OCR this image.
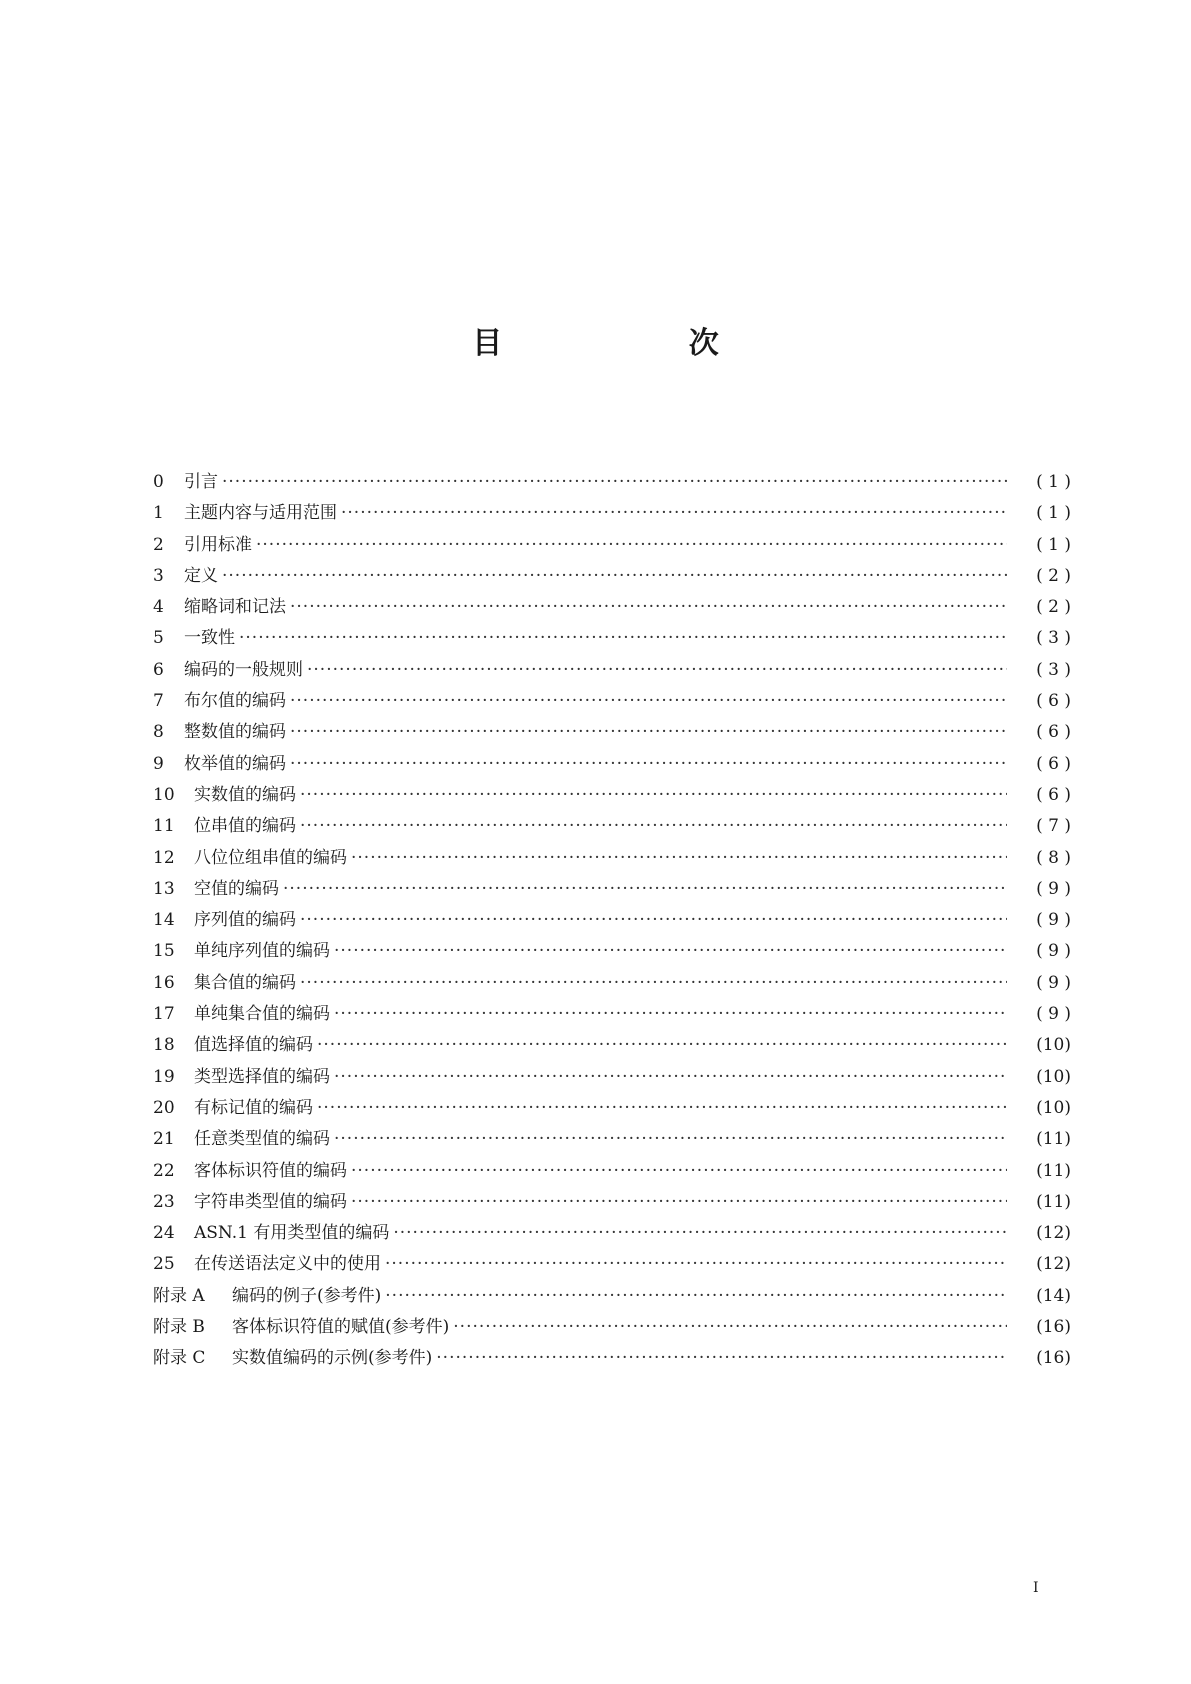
目 次
0	引言 ·····	( 1 )
1	主题内容与适用范围 ·····	( 1 )
2	引用标准 ·····	( 1 )
3	定义 ·····	( 2 )
4	缩略词和记法 ·····	( 2 )
5	一致性 ·····	( 3 )
6	编码的一般规则 ·····	( 3 )
7	布尔值的编码 ·····	( 6 )
8	整数值的编码 ·····	( 6 )
9	枚举值的编码 ·····	( 6 )
10	实数值的编码 ·····	( 6 )
11	位串值的编码 ·····	( 7 )
12	八位位组串值的编码 ·····	( 8 )
13	空值的编码 ·····	( 9 )
14	序列值的编码 ·····	( 9 )
15	单纯序列值的编码 ·····	( 9 )
16	集合值的编码 ·····	( 9 )
17	单纯集合值的编码 ·····	( 9 )
18	值选择值的编码 ·····	(10)
19	类型选择值的编码 ·····	(10)
20	有标记值的编码 ·····	(10)
21	任意类型值的编码 ·····	(11)
22	客体标识符值的编码 ·····	(11)
23	字符串类型值的编码 ·····	(11)
24	ASN.1 有用类型值的编码 ·····	(12)
25	在传送语法定义中的使用 ·····	(12)
附录 A	编码的例子(参考件) ·····	(14)
附录 B	客体标识符值的赋值(参考件) ·····	(16)
附录 C	实数值编码的示例(参考件) ·····	(16)
I
